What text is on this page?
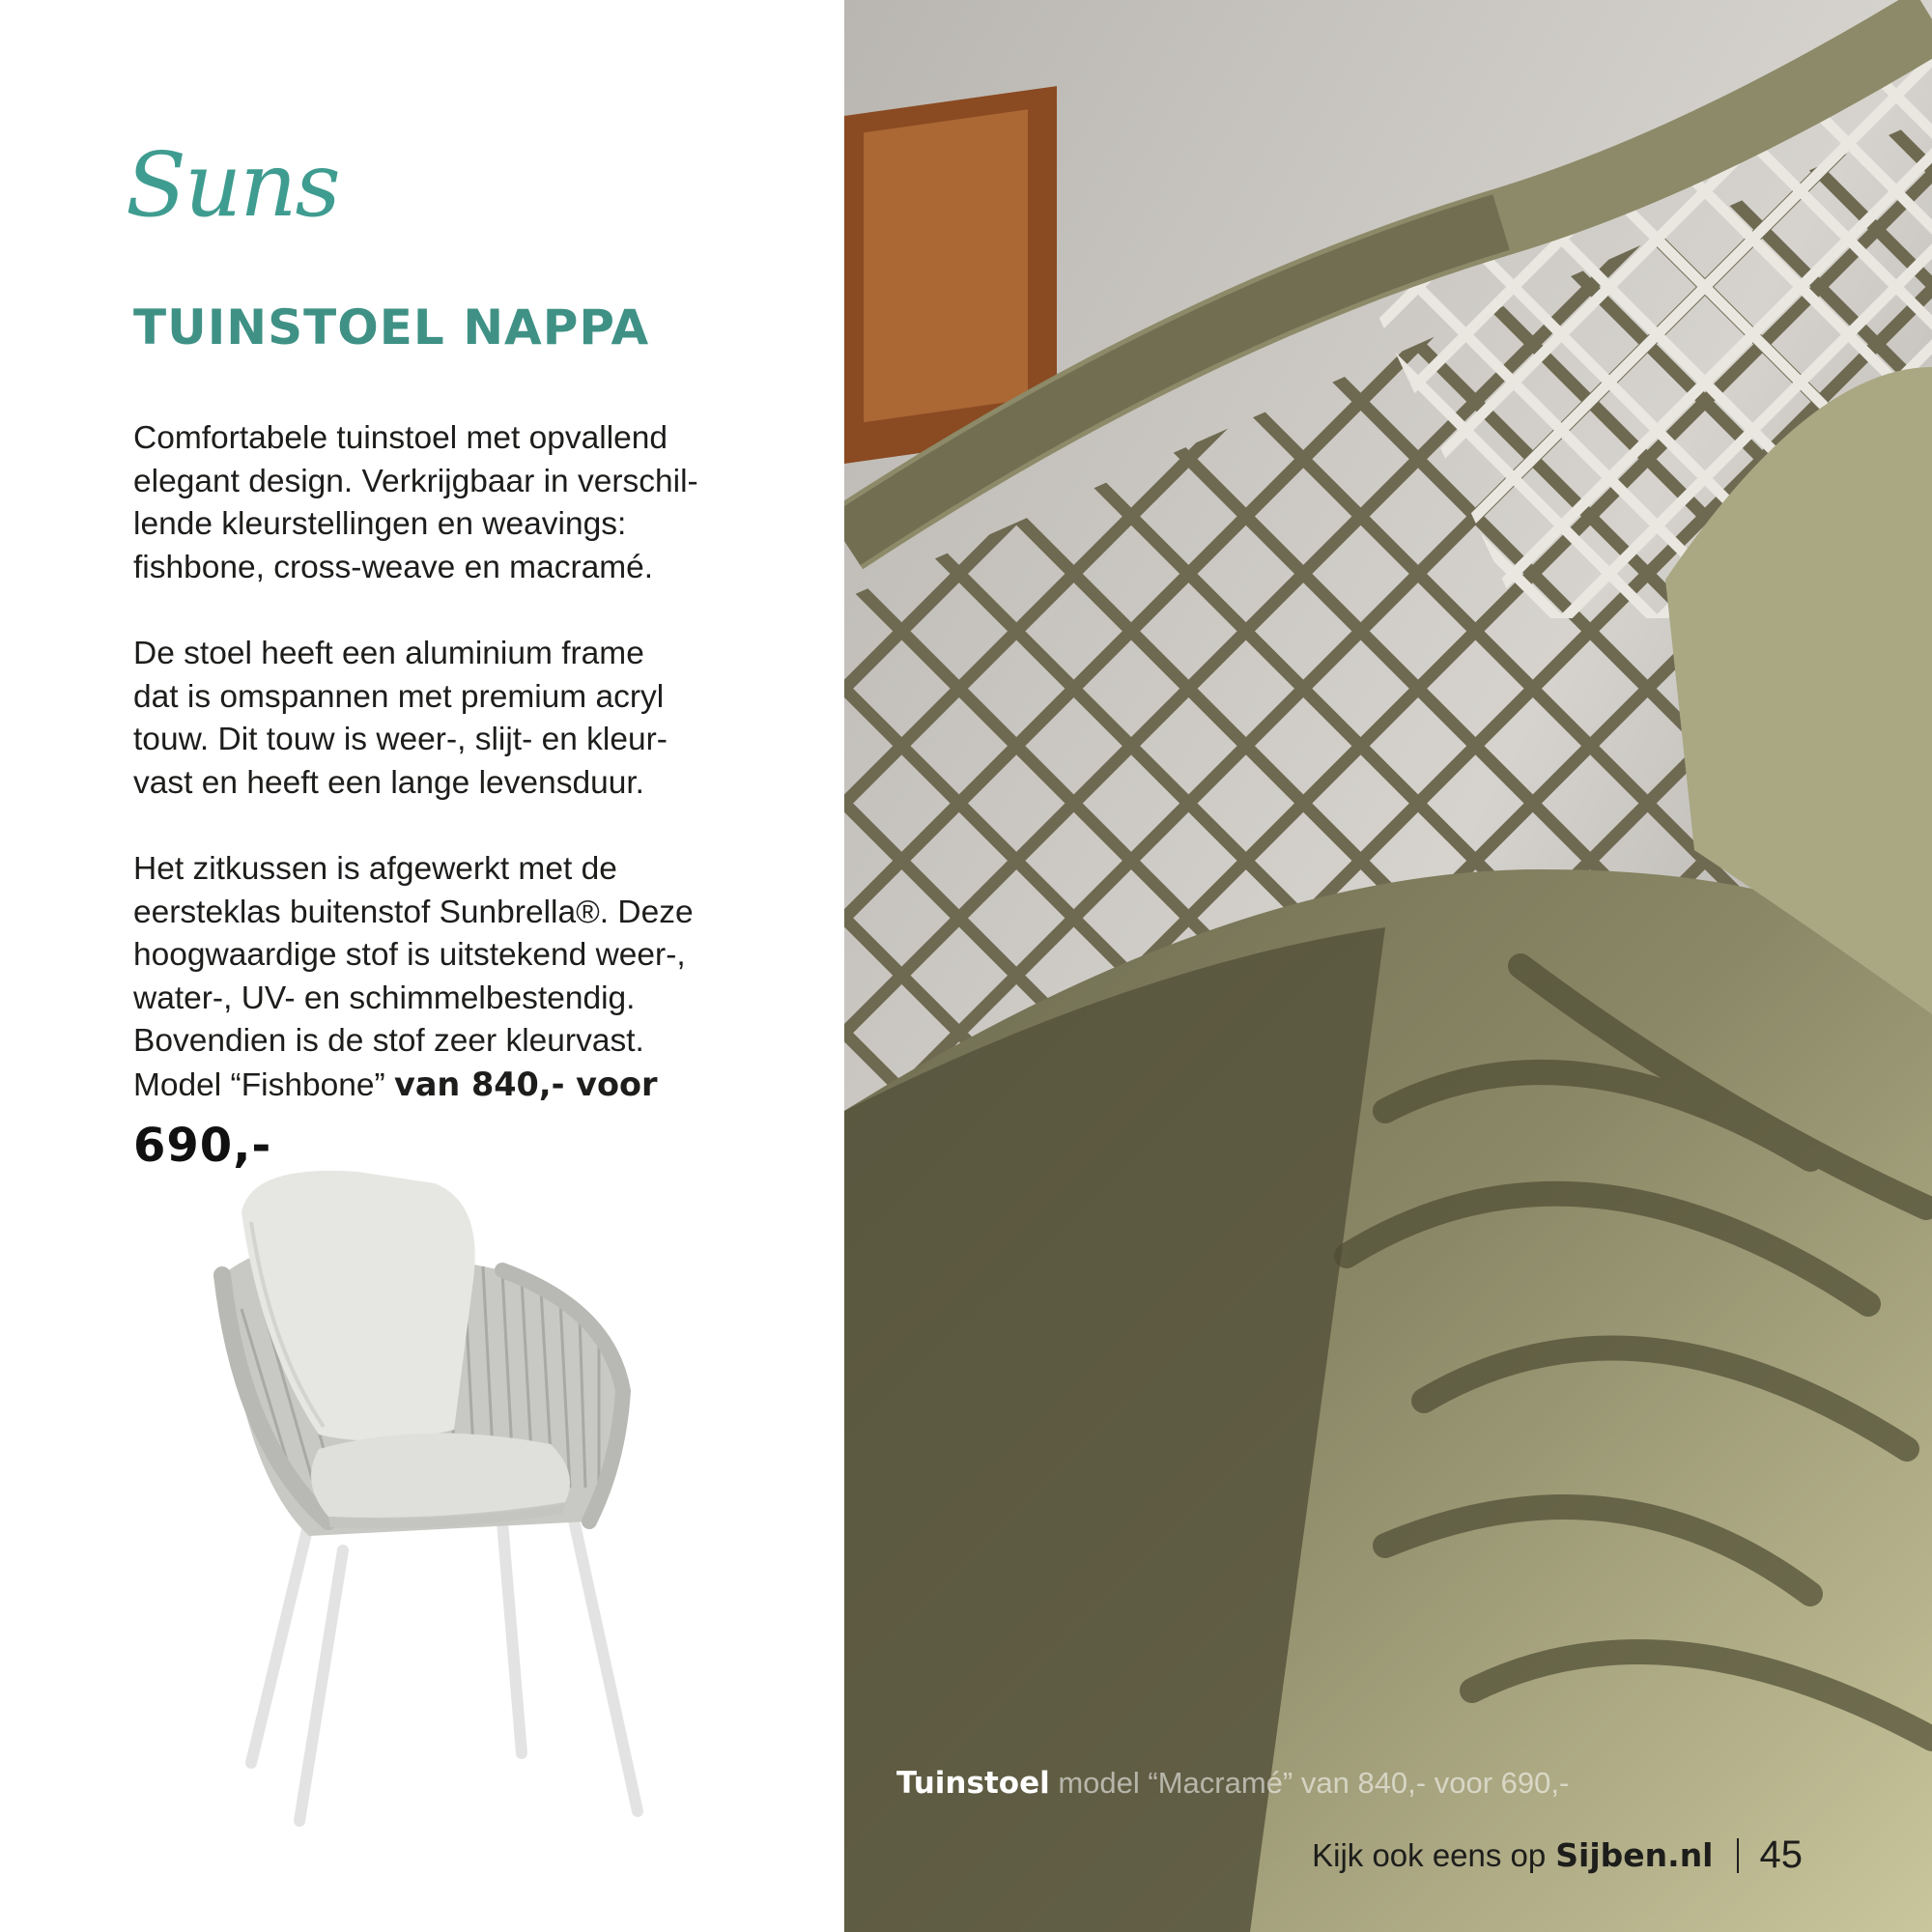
Suns
TUINSTOEL NAPPA

Comfortabele tuinstoel met opvallend
elegant design. Verkrijgbaar in verschil-
lende kleurstellingen en weavings:
fishbone, cross-weave en macramé.

De stoel heeft een aluminium frame
dat is omspannen met premium acryl
touw. Dit touw is weer-, slijt- en kleur-
vast en heeft een lange levensduur.

Het zitkussen is afgewerkt met de
eersteklas buitenstof Sunbrella®. Deze
hoogwaardige stof is uitstekend weer-,
water-, UV- en schimmelbestendig.
Bovendien is de stof zeer kleurvast.
Model “Fishbone” van 840,- voor

690,-
Tuinstoel model “Macramé” van 840,- voor 690,-
Kijk ook eens op Sijben.nl 45
